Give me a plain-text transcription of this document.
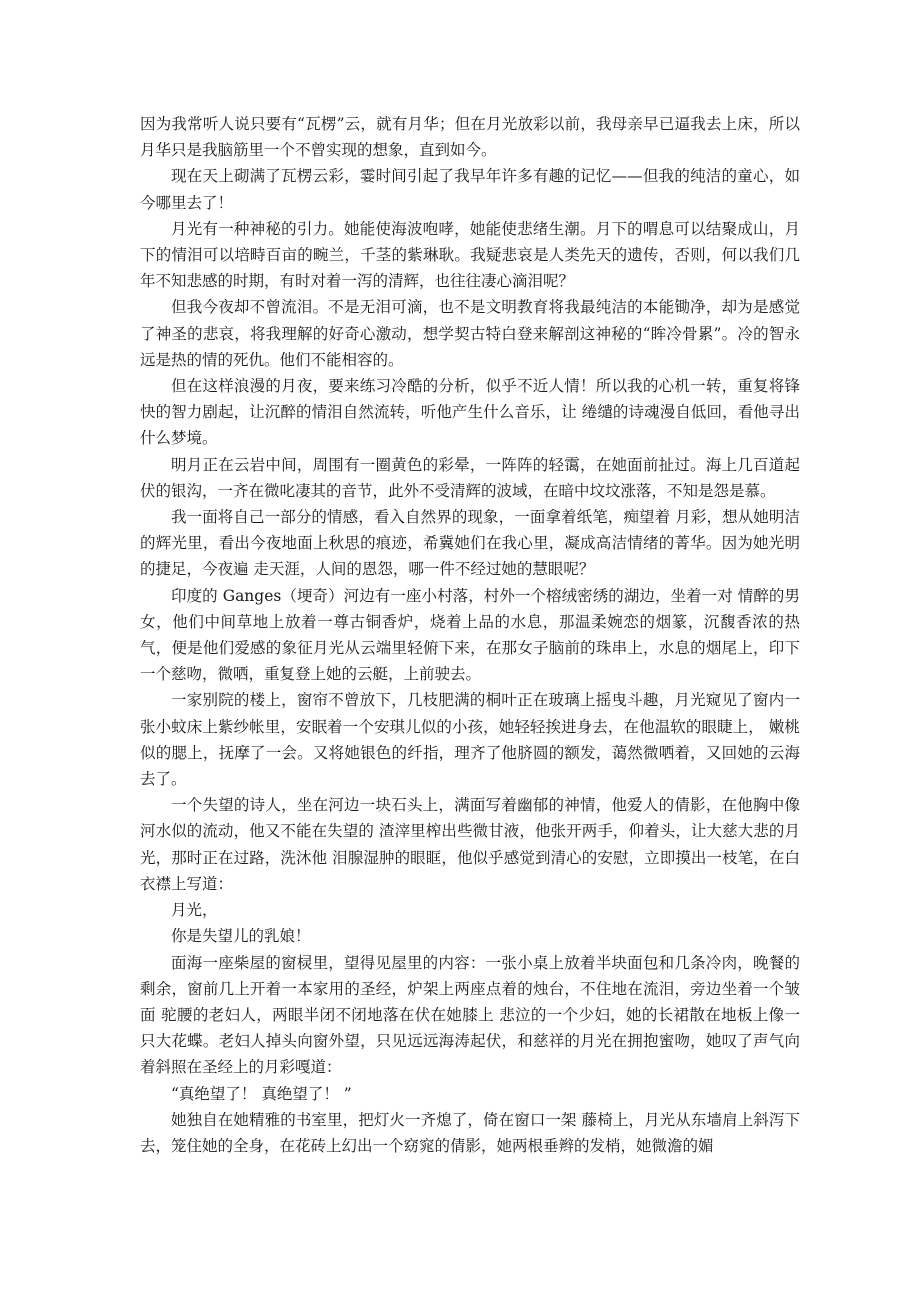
因为我常听人说只要有“瓦楞”云，就有月华；但在月光放彩以前，我母亲早已逼我去上床，所以月华只是我脑筋里一个不曾实现的想象，直到如今。

现在天上砌满了瓦楞云彩，霎时间引起了我早年许多有趣的记忆——但我的纯洁的童心，如今哪里去了！

月光有一种神秘的引力。她能使海波咆哮，她能使悲绪生潮。月下的喟息可以结聚成山，月下的情泪可以培畤百亩的畹兰，千茎的紫琳耿。我疑悲哀是人类先天的遗传，否则，何以我们几年不知悲感的时期，有时对着一泻的清辉，也往往凄心滴泪呢？

但我今夜却不曾流泪。不是无泪可滴，也不是文明教育将我最纯洁的本能锄净，却为是感觉了神圣的悲哀，将我理解的好奇心激动，想学契古特白登来解剖这神秘的“眸冷骨累”。冷的智永远是热的情的死仇。他们不能相容的。

但在这样浪漫的月夜，要来练习冷酷的分析，似乎不近人情！所以我的心机一转，重复将锋快的智力剧起，让沉醉的情泪自然流转，听他产生什么音乐，让 绻缱的诗魂漫自低回，看他寻出什么梦境。

明月正在云岩中间，周围有一圈黄色的彩晕，一阵阵的轻霭，在她面前扯过。海上几百道起伏的银沟，一齐在微叱凄其的音节，此外不受清辉的波域，在暗中坟坟涨落，不知是怨是慕。

我一面将自己一部分的情感，看入自然界的现象，一面拿着纸笔，痴望着 月彩，想从她明洁的辉光里，看出今夜地面上秋思的痕迹，希冀她们在我心里，凝成高洁情绪的菁华。因为她光明的捷足，今夜遍 走天涯，人间的恩怨，哪一件不经过她的慧眼呢？

印度的 Ganges（埂奇）河边有一座小村落，村外一个榕绒密绣的湖边，坐着一对 情醉的男女，他们中间草地上放着一尊古铜香炉，烧着上品的水息，那温柔婉恋的烟篆，沉馥香浓的热气，便是他们爱感的象征月光从云端里轻俯下来，在那女子脑前的珠串上，水息的烟尾上，印下一个慈吻，微哂，重复登上她的云艇，上前驶去。

一家别院的楼上，窗帘不曾放下，几枝肥满的桐叶正在玻璃上摇曳斗趣，月光窥见了窗内一张小蚊床上紫纱帐里，安眠着一个安琪儿似的小孩，她轻轻挨进身去，在他温软的眼睫上， 嫩桃似的腮上，抚摩了一会。又将她银色的纤指，理齐了他脐圆的额发，蔼然微哂着，又回她的云海去了。

一个失望的诗人，坐在河边一块石头上，满面写着幽郁的神情，他爱人的倩影，在他胸中像河水似的流动，他又不能在失望的 渣滓里榨出些微甘液，他张开两手，仰着头，让大慈大悲的月光，那时正在过路，洗沐他 泪腺湿肿的眼眶，他似乎感觉到清心的安慰，立即摸出一枝笔，在白衣襟上写道：

月光，

你是失望儿的乳娘！

面海一座柴屋的窗棂里，望得见屋里的内容：一张小桌上放着半块面包和几条冷肉，晚餐的剩余，窗前几上开着一本家用的圣经，炉架上两座点着的烛台，不住地在流泪，旁边坐着一个皱面 驼腰的老妇人，两眼半闭不闭地落在伏在她膝上 悲泣的一个少妇，她的长裙散在地板上像一只大花蝶。老妇人掉头向窗外望，只见远远海涛起伏，和慈祥的月光在拥抱蜜吻，她叹了声气向着斜照在圣经上的月彩嘎道：

“真绝望了！ 真绝望了！ ”

她独自在她精雅的书室里，把灯火一齐熄了，倚在窗口一架 藤椅上，月光从东墙肩上斜泻下去，笼住她的全身，在花砖上幻出一个窈窕的倩影，她两根垂辫的发梢，她微澹的媚
